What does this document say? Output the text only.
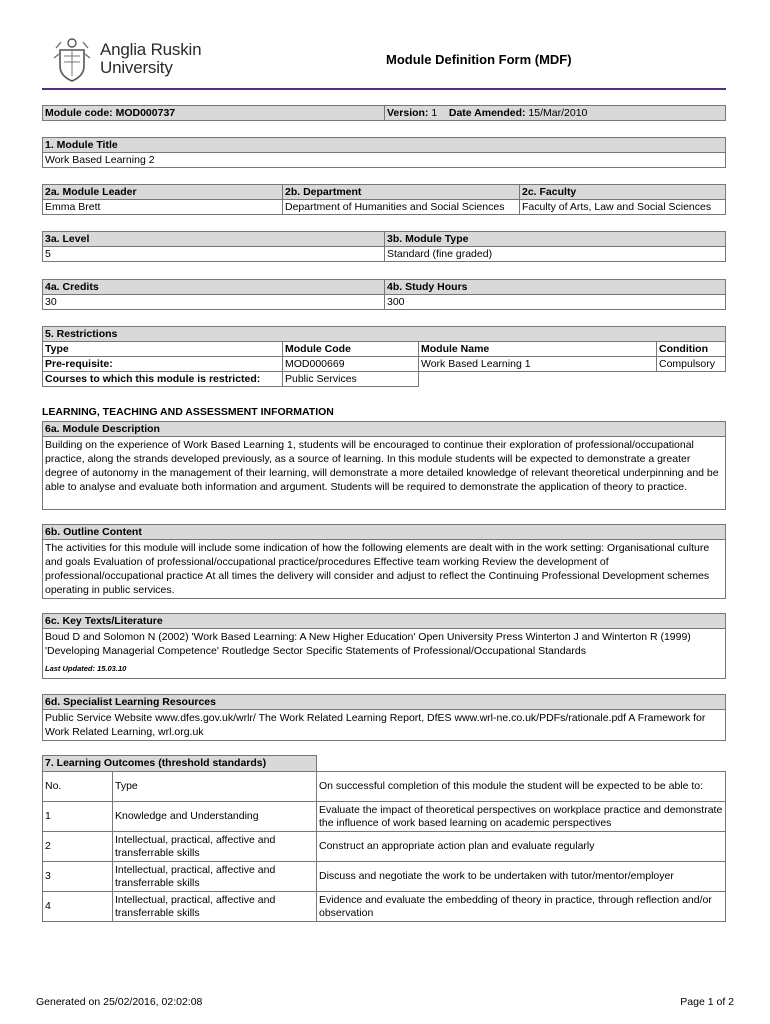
Anglia Ruskin
University	Module Definition Form (MDF)
Module code: MOD000737	Version: 1 Date Amended: 15/Mar/2010
1. Module Title
Work Based Learning 2
2a. Module Leader	2b. Department	2c. Faculty
Emma Brett	Department of Humanities and Social Sciences	Faculty of Arts, Law and Social Sciences
3a. Level	3b. Module Type
5	Standard (fine graded)
4a. Credits	4b. Study Hours
30	300
5. Restrictions			
Type	Module Code	Module Name	Condition
Pre-requisite:	MOD000669	Work Based Learning 1	Compulsory
Courses to which this module is restricted:	Public Services		
LEARNING, TEACHING AND ASSESSMENT INFORMATION
6a. Module Description
Building on the experience of Work Based Learning 1, students will be encouraged to continue their exploration of professional/occupational practice, along the strands developed previously, as a source of learning. In this module students will be expected to demonstrate a greater degree of autonomy in the management of their learning, will demonstrate a more detailed knowledge of relevant theoretical underpinning and be able to analyse and evaluate both information and argument. Students will be required to demonstrate the application of theory to practice.
6b. Outline Content
The activities for this module will include some indication of how the following elements are dealt with in the work setting: Organisational culture and goals Evaluation of professional/occupational practice/procedures Effective team working Review the development of professional/occupational practice At all times the delivery will consider and adjust to reflect the Continuing Professional Development schemes operating in public services.
6c. Key Texts/Literature
Boud D and Solomon N (2002) 'Work Based Learning: A New Higher Education' Open University Press Winterton J and Winterton R (1999) 'Developing Managerial Competence' Routledge Sector Specific Statements of Professional/Occupational Standards
Last Updated: 15.03.10
6d. Specialist Learning Resources
Public Service Website www.dfes.gov.uk/wrlr/ The Work Related Learning Report, DfES www.wrl-ne.co.uk/PDFs/rationale.pdf A Framework for Work Related Learning, wrl.org.uk
7. Learning Outcomes (threshold standards)		
No.	Type	On successful completion of this module the student will be expected to be able to:
1	Knowledge and Understanding	Evaluate the impact of theoretical perspectives on workplace practice and demonstrate the influence of work based learning on academic perspectives
2	Intellectual, practical, affective and transferrable skills	Construct an appropriate action plan and evaluate regularly
3	Intellectual, practical, affective and transferrable skills	Discuss and negotiate the work to be undertaken with tutor/mentor/employer
4	Intellectual, practical, affective and transferrable skills	Evidence and evaluate the embedding of theory in practice, through reflection and/or observation
Generated on 25/02/2016, 02:02:08	Page 1 of 2
